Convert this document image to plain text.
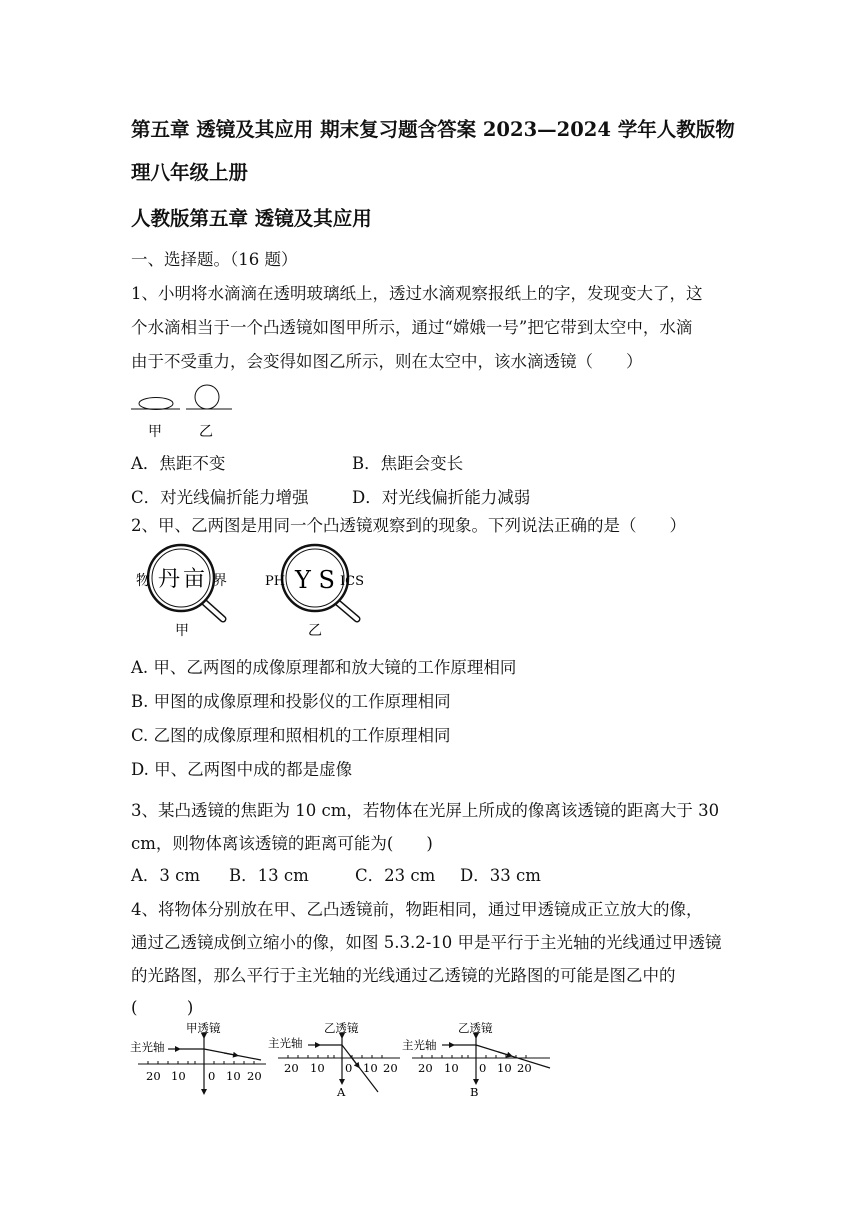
第五章 透镜及其应用 期末复习题含答案 2023—2024 学年人教版物
理八年级上册
人教版第五章 透镜及其应用
一、选择题。（16 题）
1、小明将水滴滴在透明玻璃纸上，透过水滴观察报纸上的字，发现变大了，这
个水滴相当于一个凸透镜如图甲所示，通过“嫦娥一号”把它带到太空中，水滴
由于不受重力，会变得如图乙所示，则在太空中，该水滴透镜（　　）
甲	乙
A．焦距不变	B．焦距会变长
C．对光线偏折能力增强	D．对光线偏折能力减弱
2、甲、乙两图是用同一个凸透镜观察到的现象。下列说法正确的是（　　）
丹 亩
物	界
甲
PH Y S ICS
乙
A. 甲、乙两图的成像原理都和放大镜的工作原理相同
B. 甲图的成像原理和投影仪的工作原理相同
C. 乙图的成像原理和照相机的工作原理相同
D. 甲、乙两图中成的都是虚像
3、某凸透镜的焦距为 10 cm，若物体在光屏上所成的像离该透镜的距离大于 30
cm，则物体离该透镜的距离可能为(　　)
A．3 cm B．13 cm	C．23 cm D．33 cm
4、将物体分别放在甲、乙凸透镜前，物距相同，通过甲透镜成正立放大的像，
通过乙透镜成倒立缩小的像，如图 5.3.2-10 甲是平行于主光轴的光线通过甲透镜
的光路图，那么平行于主光轴的光线通过乙透镜的光路图的可能是图乙中的
(　　　)
甲透镜
主光轴
20 10 0 10 20
乙透镜
主光轴
20 10 0 10 20
A
乙透镜
主光轴
20 10 0 10 20
B
